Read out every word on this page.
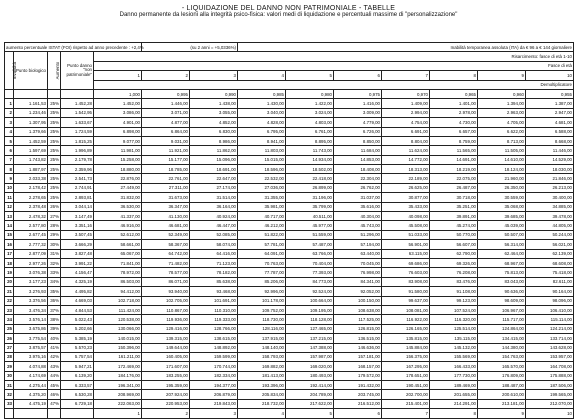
- LIQUIDAZIONE DEL DANNO NON PATRIMONIALE - TABELLE
Danno permanente da lesioni alla integrità psico-fisica: valori medi di liquidazione e percentuali massime di "personalizzazione"
aumento percentuale ISTAT (FOI) rispetto ad anno precedente : +2,4%					(su 2 anni = +5,0336%)		Inabilità temporanea assoluta (ITA) da € 96 a € 144 giornaliere						
Invalidità	Punto biologico	Aumento	Punto danno "non patrimoniale"	Risarcimento: fasce di età 1-10									
				Fasce di età									
				1	2	3	4	5	6	7	8	9	10
				Demoltiplicatore									
				1,000	0,995	0,990	0,985	0,980	0,975	0,970	0,965	0,960	0,955
1	1.161,53	25%	1.452,28	1.452,00	1.446,00	1.438,00	1.430,00	1.422,00	1.416,00	1.409,00	1.401,00	1.394,00	1.387,00
2	1.234,46	25%	1.542,95	3.086,00	3.071,00	3.055,00	3.040,00	3.024,00	3.009,00	2.994,00	2.978,00	2.963,00	2.947,00
3	1.307,95	25%	1.633,67	4.901,00	4.877,00	4.852,00	4.828,00	4.803,00	4.779,00	4.754,00	4.730,00	4.705,00	4.681,00
4	1.379,66	25%	1.724,59	6.898,00	6.864,00	6.830,00	6.795,00	6.761,00	6.726,00	6.691,00	6.657,00	6.622,00	6.588,00
5	1.452,59	25%	1.815,25	9.077,00	9.031,00	8.986,00	8.941,00	8.895,00	8.850,00	8.804,00	8.759,00	8.713,00	8.668,00
6	1.597,69	25%	1.996,89	11.981,00	11.921,00	11.862,00	11.803,00	11.743,00	11.684,00	11.624,00	11.565,00	11.505,00	11.446,00
7	1.743,82	25%	2.179,78	15.258,00	15.177,00	15.096,00	15.015,00	14.934,00	14.853,00	14.772,00	14.691,00	14.610,00	14.529,00
8	1.887,97	25%	2.359,96	18.880,00	18.785,00	18.691,00	18.596,00	18.502,00	18.408,00	18.313,00	18.219,00	18.124,00	18.030,00
9	2.033,38	25%	2.541,73	22.876,00	22.761,00	22.647,00	22.532,00	22.418,00	22.304,00	22.189,00	22.075,00	21.960,00	21.846,00
10	2.178,42	25%	2.744,91	27.449,00	27.311,00	27.174,00	27.036,00	26.899,00	26.762,00	26.625,00	26.487,00	26.350,00	26.213,00
11	2.278,65	25%	2.893,81	31.832,00	31.673,00	31.514,00	31.355,00	31.196,00	31.037,00	30.877,00	30.718,00	30.559,00	30.400,00
12	2.378,48	26%	3.044,14	36.530,00	36.347,00	36.164,00	35.981,00	35.799,00	35.616,00	35.433,00	35.251,00	35.068,00	34.885,00
13	2.478,32	27%	3.147,49	41.337,00	41.130,00	40.924,00	40.717,00	40.511,00	40.304,00	40.098,00	39.891,00	39.685,00	39.478,00
14	2.577,80	28%	3.351,16	46.916,00	46.681,00	46.447,00	46.212,00	45.977,00	45.743,00	45.508,00	45.274,00	45.039,00	44.805,00
15	2.677,45	29%	3.507,45	52.612,00	52.349,00	52.085,00	51.822,00	51.559,00	51.296,00	51.033,00	50.770,00	50.507,00	50.244,00
16	2.777,32	30%	3.666,29	58.661,00	58.367,00	58.074,00	57.781,00	57.487,00	57.194,00	56.901,00	56.607,00	56.314,00	56.021,00
17	2.877,09	31%	3.827,48	65.067,00	64.742,00	64.416,00	64.091,00	63.766,00	63.440,00	63.115,00	62.790,00	62.464,00	62.139,00
18	2.977,26	32%	3.991,22	71.841,00	71.482,00	71.123,00	70.763,00	70.404,00	70.045,00	69.686,00	69.326,00	68.967,00	68.608,00
19	3.076,38	33%	4.156,47	78.972,00	78.577,00	78.182,00	77.787,00	77.393,00	76.998,00	76.603,00	76.208,00	75.813,00	75.418,00
20	3.177,23	34%	4.325,19	86.503,00	86.071,00	85.638,00	85.206,00	84.773,00	84.341,00	83.908,00	83.476,00	83.043,00	82.611,00
21	3.276,93	35%	4.495,82	94.412,00	93.940,00	93.468,00	92.996,00	92.524,00	92.052,00	91.580,00	91.108,00	90.636,00	90.164,00
22	3.376,56	36%	4.669,03	102.718,00	102.705,00	101.691,00	101.178,00	100.664,00	100.150,00	99.637,00	99.123,00	98.609,00	98.096,00
23	3.476,34	37%	4.844,53	111.424,00	110.867,00	110.310,00	109.752,00	109.195,00	108.638,00	108.081,00	107.524,00	106.967,00	106.410,00
24	3.576,14	38%	5.022,43	120.538,00	119.936,00	119.333,00	118.730,00	118.128,00	117.525,00	116.922,00	116.320,00	115.717,00	115.114,00
25	3.675,86	39%	5.202,66	130.066,00	129.416,00	128.766,00	128.116,00	127.465,00	126.815,00	126.165,00	125.514,00	124.864,00	124.214,00
26	3.775,54	40%	5.385,19	140.015,00	139.315,00	138.615,00	137.915,00	137.215,00	136.515,00	135.815,00	135.115,00	134.415,00	133.714,00
27	3.875,57	41%	5.570,23	150.396,00	149.644,00	148.892,00	148.140,00	147.388,00	146.636,00	145.884,00	145.132,00	144.380,00	143.628,00
28	3.975,16	42%	5.757,54	161.211,00	160.405,00	159.599,00	158.793,00	157.987,00	157.181,00	156.375,00	155.569,00	154.763,00	153.957,00
29	4.074,88	43%	5.947,21	172.469,00	171.607,00	170.744,00	169.882,00	169.020,00	168.157,00	167.295,00	166.433,00	165.570,00	164.708,00
30	4.174,69	44%	6.139,20	184.176,00	183.255,00	182.334,00	181.413,00	180.493,00	179.572,00	178.651,00	177.730,00	176.809,00	175.888,00
31	4.275,44	45%	6.333,57	196.341,00	195.359,00	194.377,00	193.396,00	192.414,00	191.432,00	190.451,00	189.469,00	188.487,00	187.506,00
32	4.375,20	46%	6.530,28	208.969,00	207.924,00	206.879,00	205.834,00	204.789,00	203.745,00	202.700,00	201.655,00	200.610,00	199.565,00
33	4.475,19	47%	6.729,18	222.063,00	220.953,00	219.843,00	218.732,00	217.622,00	216.512,00	215.401,00	214.291,00	213.181,00	212.070,00
				1	2	3	4	5	6	7	8	9	10
